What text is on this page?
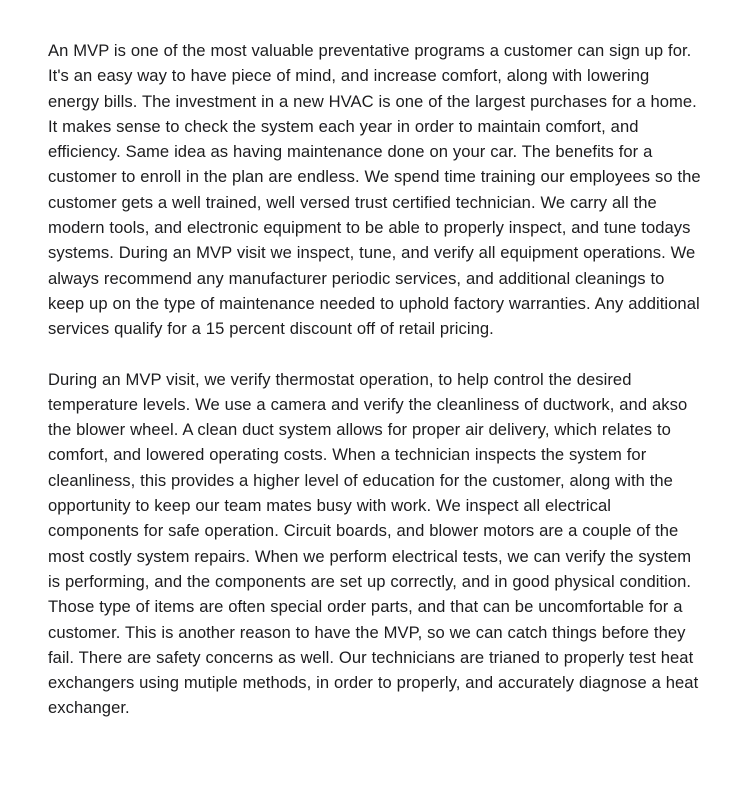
An MVP is one of the most valuable preventative programs a customer can sign up for. It's an easy way to have piece of mind, and increase comfort, along with lowering energy bills. The investment in a new HVAC is one of the largest purchases for a home. It makes sense to check the system each year in order to maintain comfort, and efficiency. Same idea as having maintenance done on your car. The benefits for a customer to enroll in the plan are endless. We spend time training our employees so the customer gets a well trained, well versed trust certified technician. We carry all the modern tools, and electronic equipment to be able to properly inspect, and tune todays systems. During an MVP visit we inspect, tune, and verify all equipment operations. We always recommend any manufacturer periodic services, and additional cleanings to keep up on the type of maintenance needed to uphold factory warranties. Any additional services qualify for a 15 percent discount off of retail pricing.

During an MVP visit, we verify thermostat operation, to help control the desired temperature levels. We use a camera and verify the cleanliness of ductwork, and akso the blower wheel. A clean duct system allows for proper air delivery, which relates to comfort, and lowered operating costs. When a technician inspects the system for cleanliness, this provides a higher level of education for the customer, along with the opportunity to keep our team mates busy with work. We inspect all electrical components for safe operation. Circuit boards, and blower motors are a couple of the most costly system repairs. When we perform electrical tests, we can verify the system is performing, and the components are set up correctly, and in good physical condition. Those type of items are often special order parts, and that can be uncomfortable for a customer. This is another reason to have the MVP, so we can catch things before they fail. There are safety concerns as well. Our technicians are trianed to properly test heat exchangers using mutiple methods, in order to properly, and accurately diagnose a heat exchanger.
